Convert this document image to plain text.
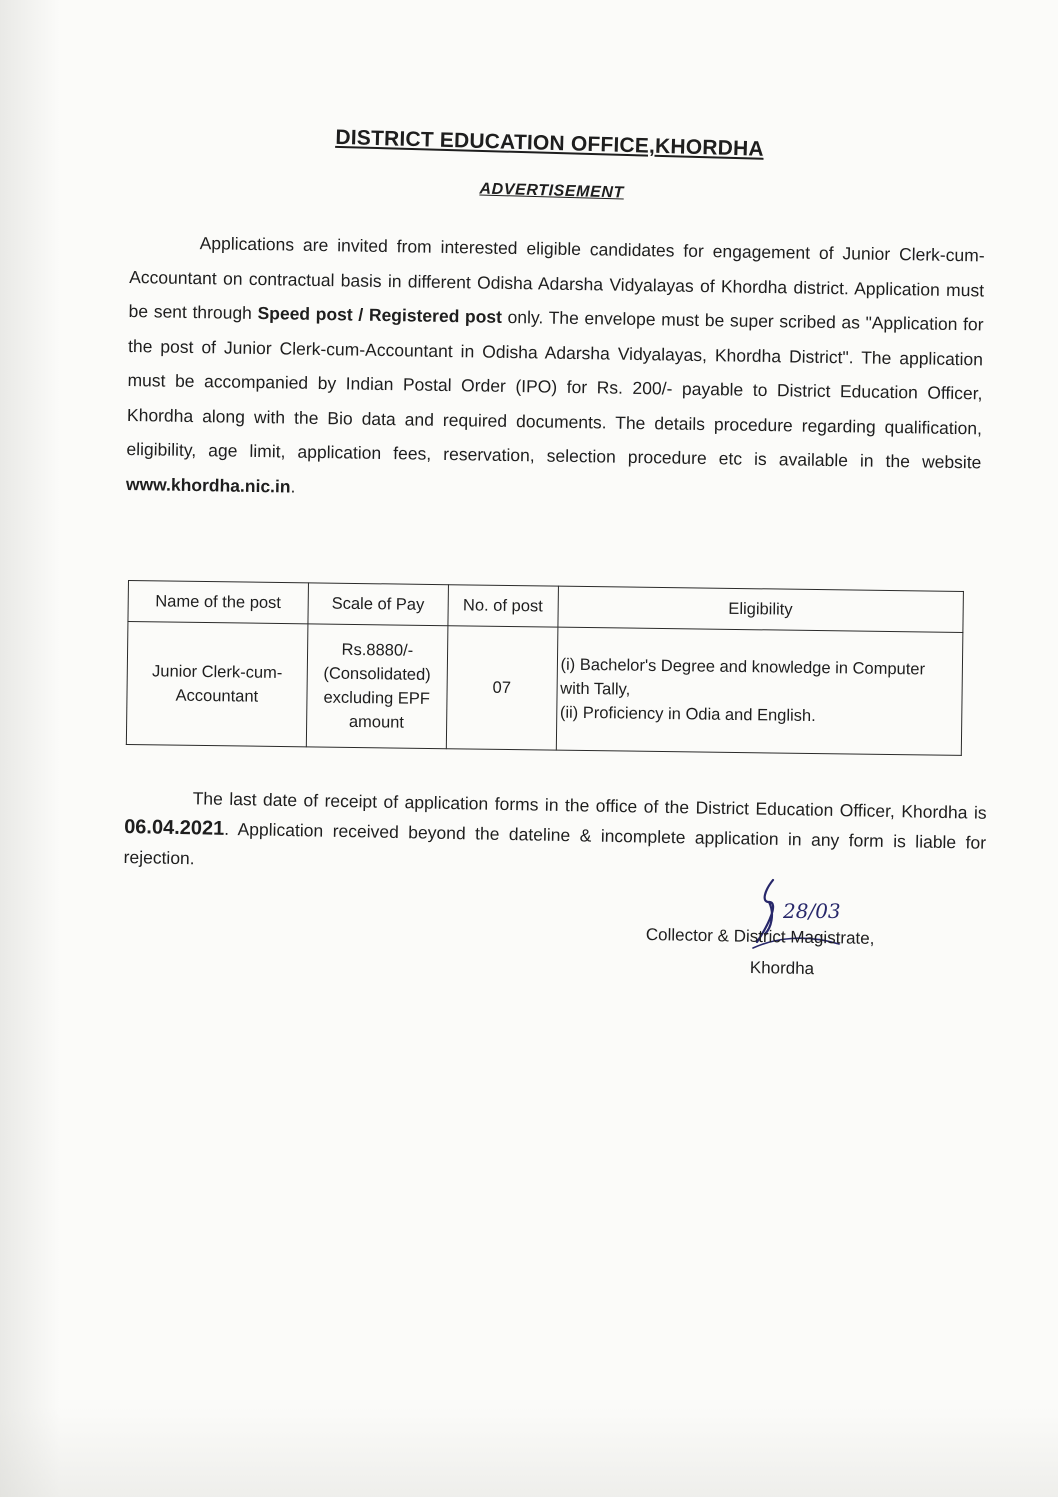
DISTRICT EDUCATION OFFICE,KHORDHA
ADVERTISEMENT
Applications are invited from interested eligible candidates for engagement of Junior Clerk-cum-Accountant on contractual basis in different Odisha Adarsha Vidyalayas of Khordha district. Application must be sent through Speed post / Registered post only. The envelope must be super scribed as "Application for the post of Junior Clerk-cum-Accountant in Odisha Adarsha Vidyalayas, Khordha District". The application must be accompanied by Indian Postal Order (IPO) for Rs. 200/- payable to District Education Officer, Khordha along with the Bio data and required documents. The details procedure regarding qualification, eligibility, age limit, application fees, reservation, selection procedure etc is available in the website www.khordha.nic.in.
Name of the post	Scale of Pay	No. of post	Eligibility
Junior Clerk-cum-Accountant	Rs.8880/- (Consolidated) excluding EPF amount	07	(i) Bachelor's Degree and knowledge in Computer with Tally,
(ii) Proficiency in Odia and English.
The last date of receipt of application forms in the office of the District Education Officer, Khordha is 06.04.2021. Application received beyond the dateline & incomplete application in any form is liable for rejection.
28/03
Collector & District Magistrate,
Khordha
